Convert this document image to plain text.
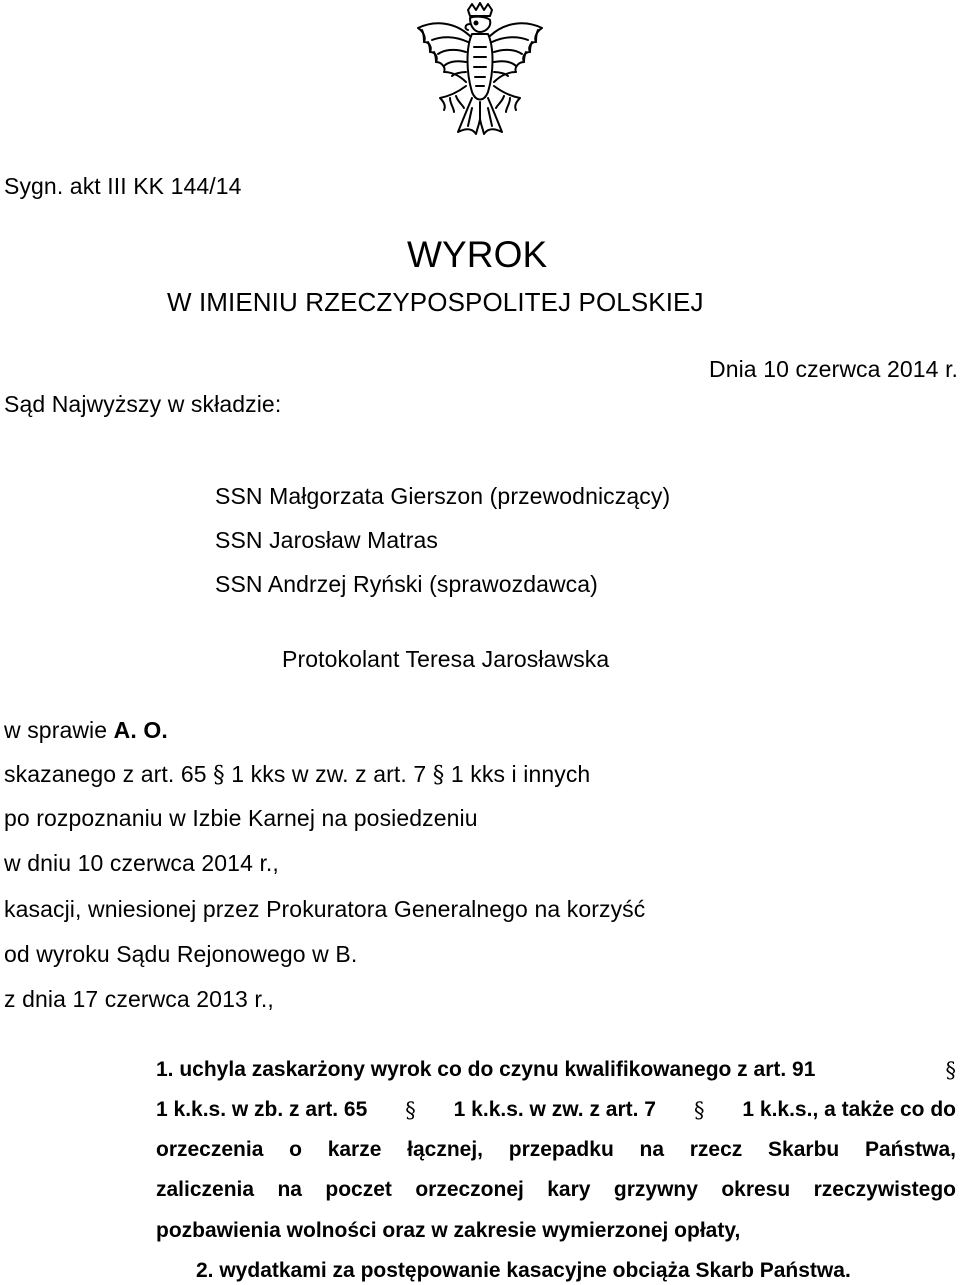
Sygn. akt III KK 144/14
WYROK
W IMIENIU RZECZYPOSPOLITEJ POLSKIEJ
Dnia 10 czerwca 2014 r.
Sąd Najwyższy w składzie:
SSN Małgorzata Gierszon (przewodniczący)
SSN Jarosław Matras
SSN Andrzej Ryński (sprawozdawca)
Protokolant Teresa Jarosławska
w sprawie A. O.
skazanego z art. 65 § 1 kks w zw. z art. 7 § 1 kks i innych
po rozpoznaniu w Izbie Karnej na posiedzeniu
w dniu 10 czerwca 2014 r.,
kasacji, wniesionej przez Prokuratora Generalnego na korzyść
od wyroku Sądu Rejonowego w B.
z dnia 17 czerwca 2013 r.,
1. uchyla zaskarżony wyrok co do czynu kwalifikowanego z art. 91	§
1 k.k.s. w zb. z art. 65 § 1 k.k.s. w zw. z art. 7 § 1 k.k.s., a także co do
orzeczenia o karze łącznej, przepadku na rzecz Skarbu Państwa,
zaliczenia na poczet orzeczonej kary grzywny okresu rzeczywistego
pozbawienia wolności oraz w zakresie wymierzonej opłaty,
2. wydatkami za postępowanie kasacyjne obciąża Skarb Państwa.
